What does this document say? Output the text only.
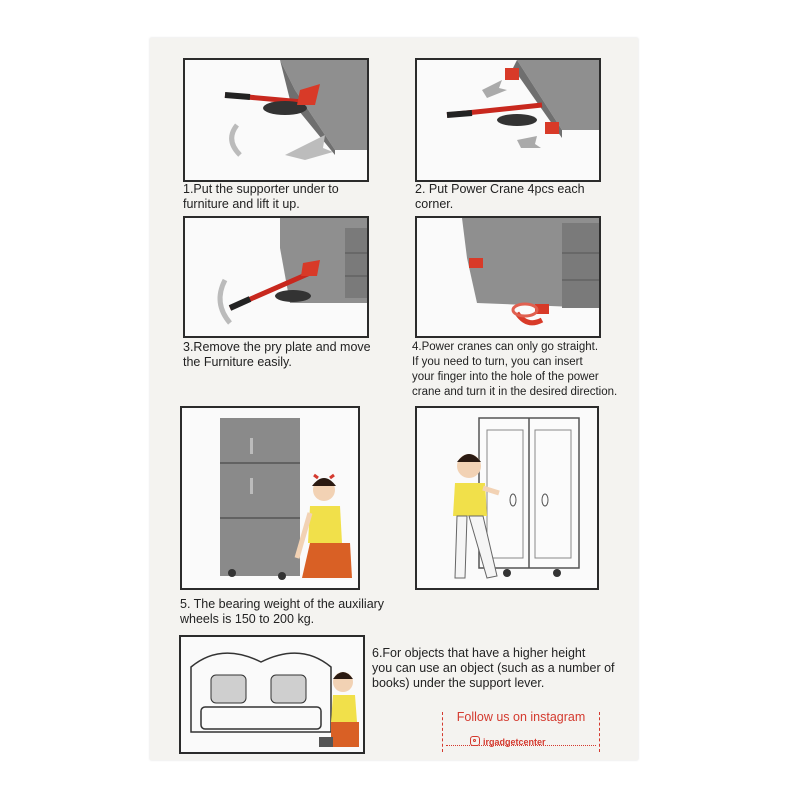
1.Put the supporter under to
furniture and lift it up.
2. Put Power Crane 4pcs each
corner.
3.Remove the pry plate and move
the Furniture easily.
4.Power cranes can only go straight.
If you need to turn, you can insert
your finger into the hole of the power
crane and turn it in the desired direction.
5. The bearing weight of the auxiliary
wheels is 150 to 200 kg.
6.For objects that have a higher height
you can use an object (such as a number of
books) under the support lever.
Follow us on instagram
irgadgetcenter
